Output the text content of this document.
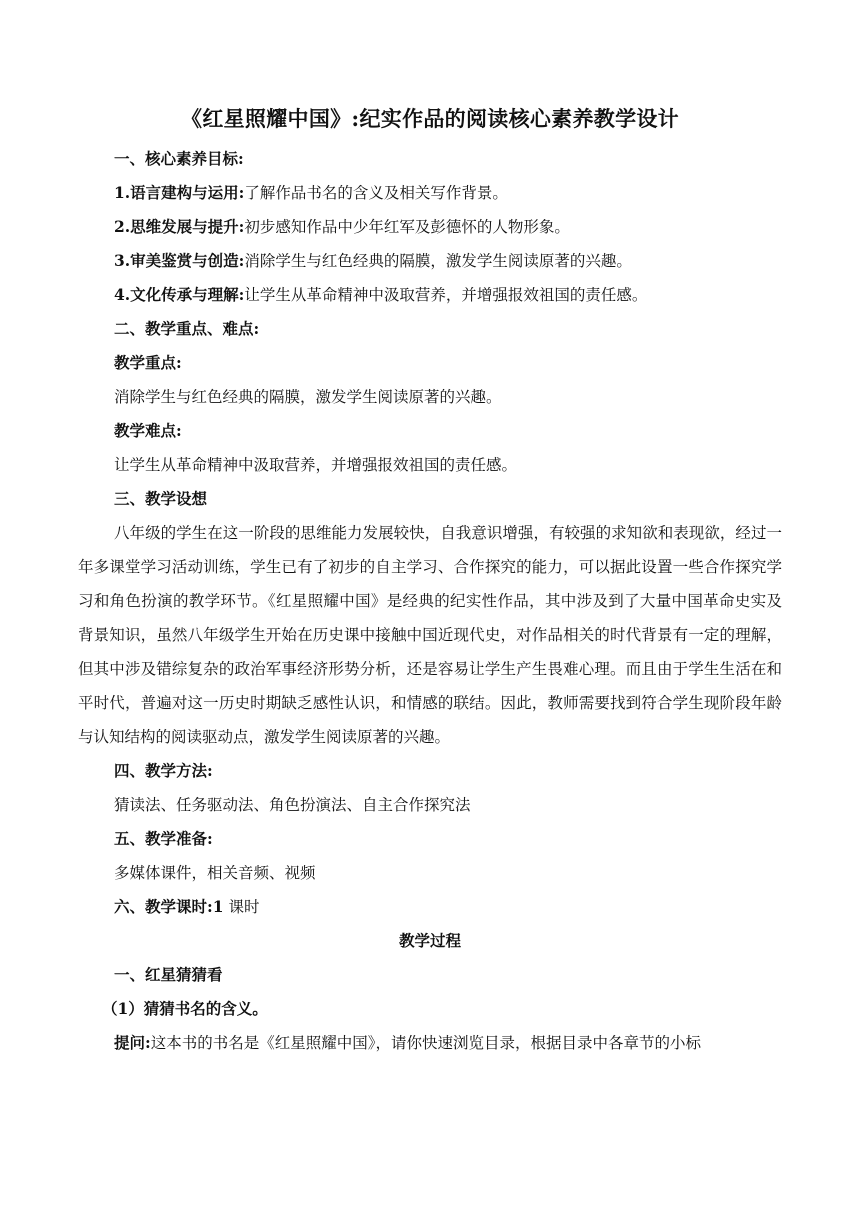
《红星照耀中国》:纪实作品的阅读核心素养教学设计

一、核心素养目标:

1.语言建构与运用:了解作品书名的含义及相关写作背景。

2.思维发展与提升:初步感知作品中少年红军及彭德怀的人物形象。

3.审美鉴赏与创造:消除学生与红色经典的隔膜，激发学生阅读原著的兴趣。

4.文化传承与理解:让学生从革命精神中汲取营养，并增强报效祖国的责任感。

二、教学重点、难点:

教学重点:

消除学生与红色经典的隔膜，激发学生阅读原著的兴趣。

教学难点:

让学生从革命精神中汲取营养，并增强报效祖国的责任感。

三、教学设想

八年级的学生在这一阶段的思维能力发展较快，自我意识增强，有较强的求知欲和表现欲，经过一年多课堂学习活动训练，学生已有了初步的自主学习、合作探究的能力，可以据此设置一些合作探究学习和角色扮演的教学环节。《红星照耀中国》是经典的纪实性作品，其中涉及到了大量中国革命史实及背景知识，虽然八年级学生开始在历史课中接触中国近现代史，对作品相关的时代背景有一定的理解，但其中涉及错综复杂的政治军事经济形势分析，还是容易让学生产生畏难心理。而且由于学生生活在和平时代，普遍对这一历史时期缺乏感性认识，和情感的联结。因此，教师需要找到符合学生现阶段年龄与认知结构的阅读驱动点，激发学生阅读原著的兴趣。

四、教学方法:

猜读法、任务驱动法、角色扮演法、自主合作探究法

五、教学准备:

多媒体课件，相关音频、视频

六、教学课时:1 课时

教学过程

一、红星猜猜看

（1）猜猜书名的含义。

提问:这本书的书名是《红星照耀中国》，请你快速浏览目录，根据目录中各章节的小标
